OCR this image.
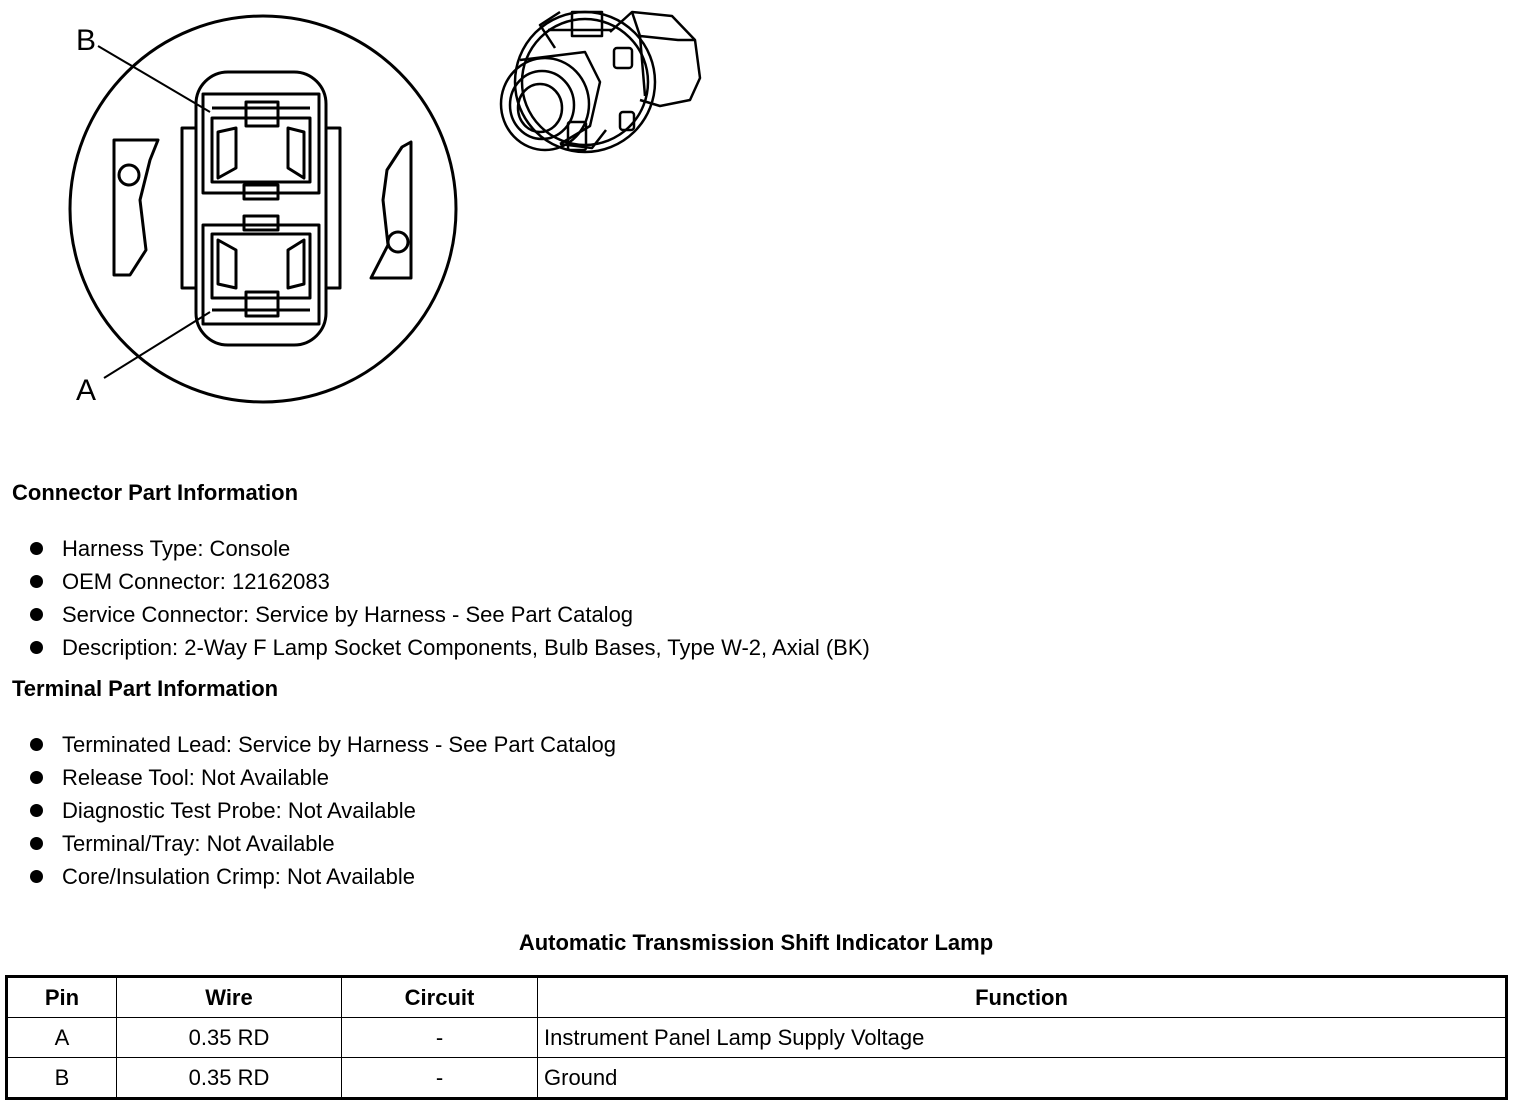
B
A
Connector Part Information
Harness Type: Console
OEM Connector: 12162083
Service Connector: Service by Harness - See Part Catalog
Description: 2-Way F Lamp Socket Components, Bulb Bases, Type W-2, Axial (BK)
Terminal Part Information
Terminated Lead: Service by Harness - See Part Catalog
Release Tool: Not Available
Diagnostic Test Probe: Not Available
Terminal/Tray: Not Available
Core/Insulation Crimp: Not Available
Automatic Transmission Shift Indicator Lamp
Pin	Wire	Circuit	Function
A	0.35 RD	-	Instrument Panel Lamp Supply Voltage
B	0.35 RD	-	Ground
